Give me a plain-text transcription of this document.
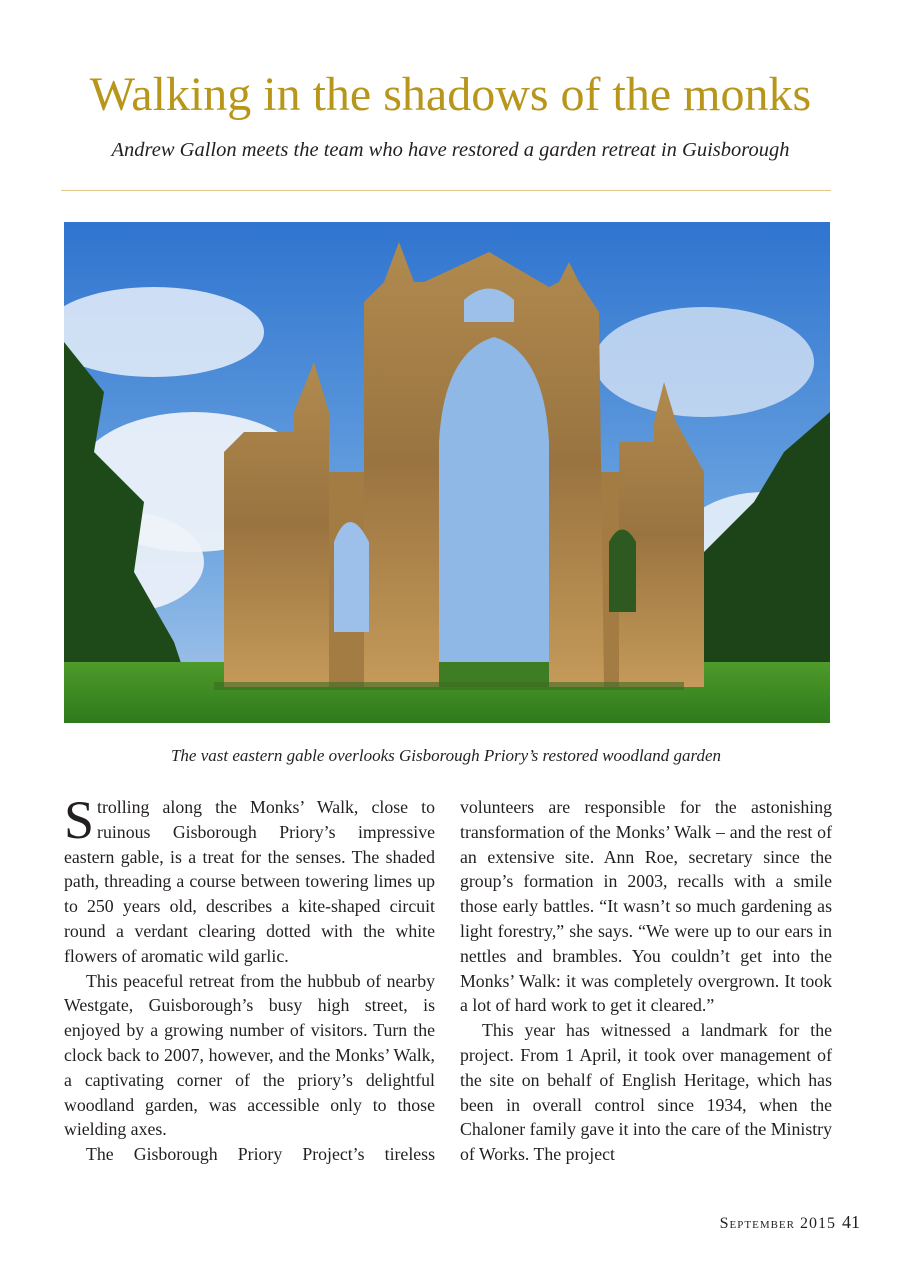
Walking in the shadows of the monks
Andrew Gallon meets the team who have restored a garden retreat in Guisborough
The vast eastern gable overlooks Gisborough Priory’s restored woodland garden

Strolling along the Monks’ Walk, close to ruinous Gisborough Priory’s impressive eastern gable, is a treat for the senses. The shaded path, threading a course between towering limes up to 250 years old, describes a kite-shaped circuit round a verdant clearing dotted with the white flowers of aromatic wild garlic.

This peaceful retreat from the hubbub of nearby Westgate, Guisborough’s busy high street, is enjoyed by a growing number of visitors. Turn the clock back to 2007, however, and the Monks’ Walk, a captivating corner of the priory’s delightful woodland garden, was accessible only to those wielding axes.

The Gisborough Priory Project’s tireless

volunteers are responsible for the astonishing transformation of the Monks’ Walk – and the rest of an extensive site. Ann Roe, secretary since the group’s formation in 2003, recalls with a smile those early battles. “It wasn’t so much gardening as light forestry,” she says. “We were up to our ears in nettles and brambles. You couldn’t get into the Monks’ Walk: it was completely overgrown. It took a lot of hard work to get it cleared.”

This year has witnessed a landmark for the project. From 1 April, it took over management of the site on behalf of English Heritage, which has been in overall control since 1934, when the Chaloner family gave it into the care of the Ministry of Works. The project

September 2015 41
